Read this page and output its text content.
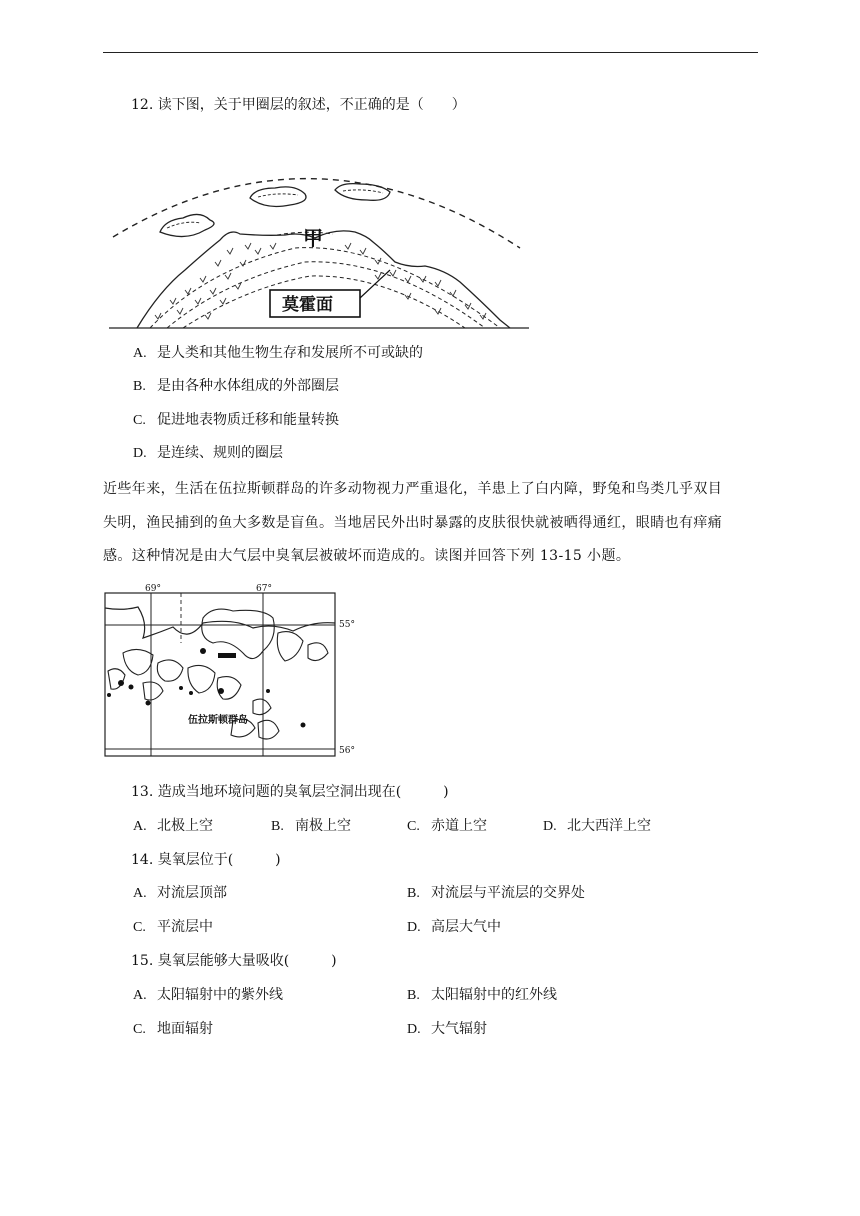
12. 读下图，关于甲圈层的叙述，不正确的是（　　）
甲
莫霍面
A. 是人类和其他生物生存和发展所不可或缺的
B. 是由各种水体组成的外部圈层
C. 促进地表物质迁移和能量转换
D. 是连续、规则的圈层
近些年来，生活在伍拉斯顿群岛的许多动物视力严重退化，羊患上了白内障，野兔和鸟类几乎双目
失明，渔民捕到的鱼大多数是盲鱼。当地居民外出时暴露的皮肤很快就被晒得通红，眼睛也有痒痛
感。这种情况是由大气层中臭氧层被破坏而造成的。读图并回答下列 13-15 小题。
69°	67°
55°
56°
伍拉斯顿群岛
13. 造成当地环境问题的臭氧层空洞出现在(　　　)
A. 北极上空	B. 南极上空	C. 赤道上空	D. 北大西洋上空
14. 臭氧层位于(　　　)
A. 对流层顶部	B. 对流层与平流层的交界处
C. 平流层中	D. 高层大气中
15. 臭氧层能够大量吸收(　　　)
A. 太阳辐射中的紫外线	B. 太阳辐射中的红外线
C. 地面辐射	D. 大气辐射
